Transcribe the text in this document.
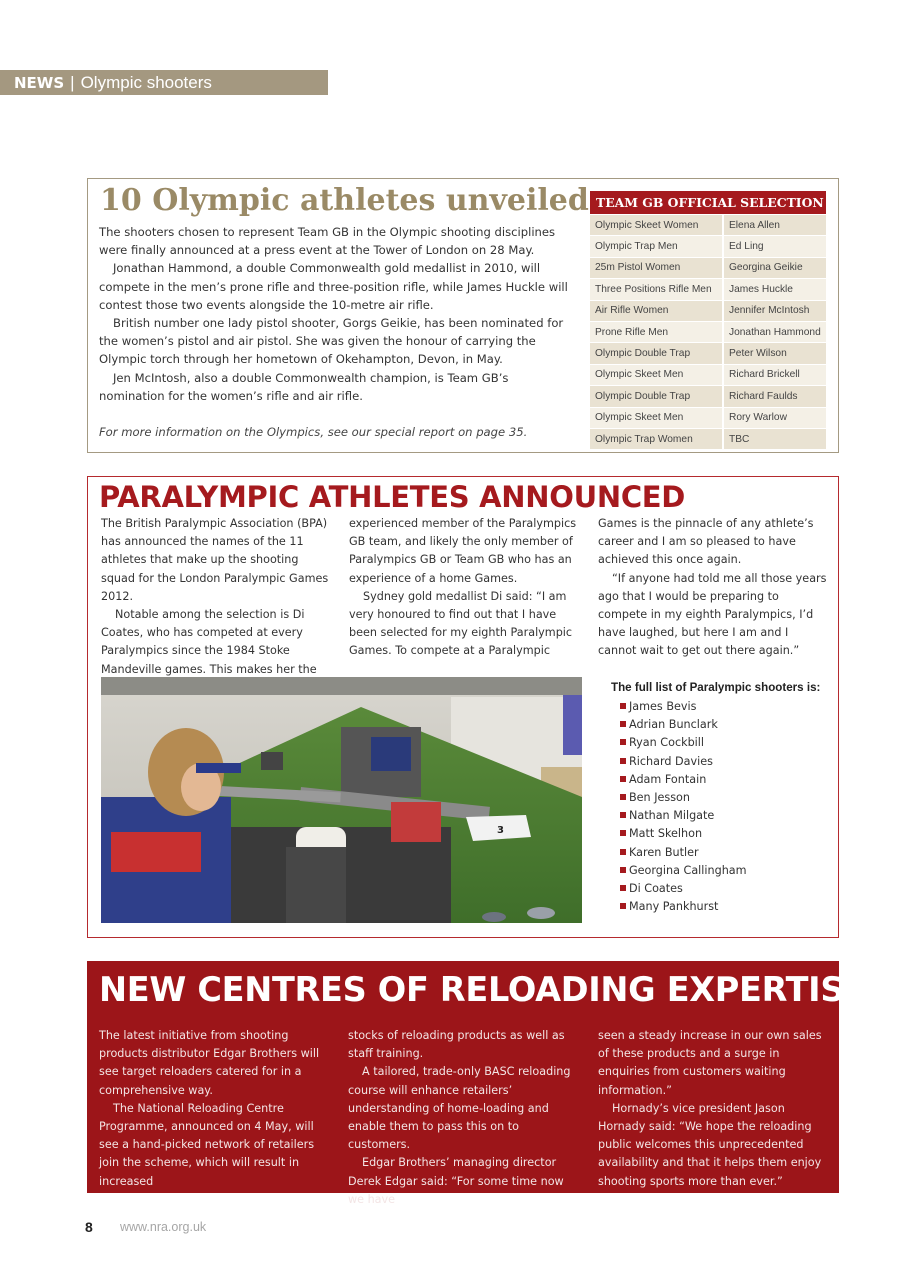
NEWS | Olympic shooters
10 Olympic athletes unveiled

The shooters chosen to represent Team GB in the Olympic shooting disciplines were finally announced at a press event at the Tower of London on 28 May.

Jonathan Hammond, a double Commonwealth gold medallist in 2010, will compete in the men’s prone rifle and three-position rifle, while James Huckle will contest those two events alongside the 10-metre air rifle.

British number one lady pistol shooter, Gorgs Geikie, has been nominated for the women’s pistol and air pistol. She was given the honour of carrying the Olympic torch through her hometown of Okehampton, Devon, in May.

Jen McIntosh, also a double Commonwealth champion, is Team GB’s nomination for the women’s rifle and air rifle.

For more information on the Olympics, see our special report on page 35.
TEAM GB OFFICIAL SELECTION
Olympic Skeet Women	Elena Allen
Olympic Trap Men	Ed Ling
25m Pistol Women	Georgina Geikie
Three Positions Rifle Men	James Huckle
Air Rifle Women	Jennifer McIntosh
Prone Rifle Men	Jonathan Hammond
Olympic Double Trap	Peter Wilson
Olympic Skeet Men	Richard Brickell
Olympic Double Trap	Richard Faulds
Olympic Skeet Men	Rory Warlow
Olympic Trap Women	TBC
PARALYMPIC ATHLETES ANNOUNCED

The British Paralympic Association (BPA) has announced the names of the 11 athletes that make up the shooting squad for the London Paralympic Games 2012.

Notable among the selection is Di Coates, who has competed at every Paralympics since the 1984 Stoke Mandeville games. This makes her the

experienced member of the Paralympics GB team, and likely the only member of Paralympics GB or Team GB who has an experience of a home Games.

Sydney gold medallist Di said: “I am very honoured to find out that I have been selected for my eighth Paralympic Games. To compete at a Paralympic

Games is the pinnacle of any athlete’s career and I am so pleased to have achieved this once again.

“If anyone had told me all those years ago that I would be preparing to compete in my eighth Paralympics, I’d have laughed, but here I am and I cannot wait to get out there again.”

3
The full list of Paralympic shooters is:
James Bevis
Adrian Bunclark
Ryan Cockbill
Richard Davies
Adam Fontain
Ben Jesson
Nathan Milgate
Matt Skelhon
Karen Butler
Georgina Callingham
Di Coates
Many Pankhurst
NEW CENTRES OF RELOADING EXPERTISE

The latest initiative from shooting products distributor Edgar Brothers will see target reloaders catered for in a comprehensive way.

The National Reloading Centre Programme, announced on 4 May, will see a hand-picked network of retailers join the scheme, which will result in increased

stocks of reloading products as well as staff training.

A tailored, trade-only BASC reloading course will enhance retailers’ understanding of home-loading and enable them to pass this on to customers.

Edgar Brothers’ managing director Derek Edgar said: “For some time now we have

seen a steady increase in our own sales of these products and a surge in enquiries from customers waiting information.”

Hornady’s vice president Jason Hornady said: “We hope the reloading public welcomes this unprecedented availability and that it helps them enjoy shooting sports more than ever.”

8 www.nra.org.uk
